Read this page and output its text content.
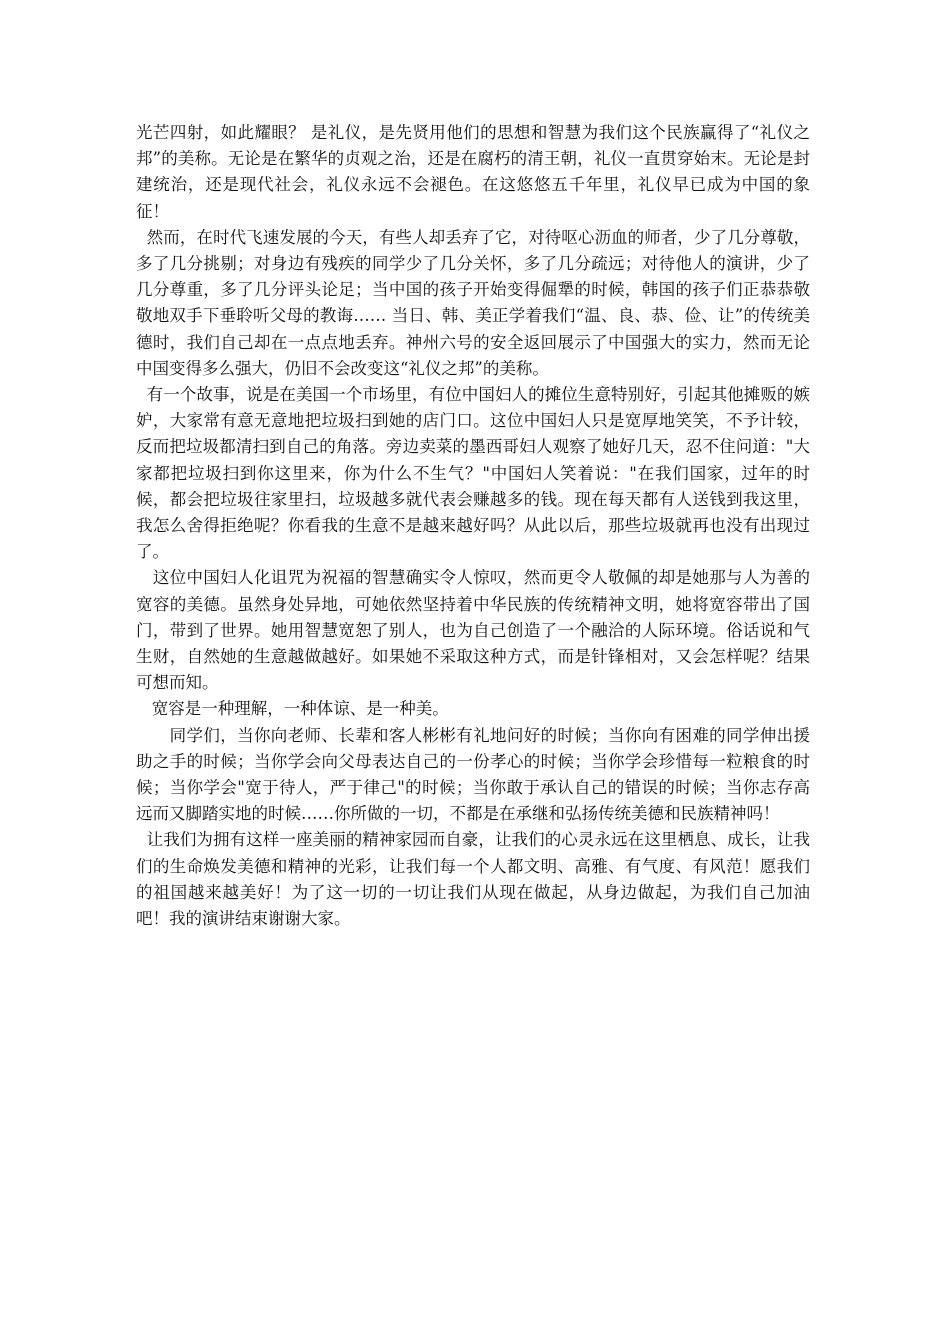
光芒四射，如此耀眼？ 是礼仪，是先贤用他们的思想和智慧为我们这个民族赢得了“礼仪之邦”的美称。无论是在繁华的贞观之治，还是在腐朽的清王朝，礼仪一直贯穿始末。无论是封建统治，还是现代社会，礼仪永远不会褪色。在这悠悠五千年里，礼仪早已成为中国的象征！

然而，在时代飞速发展的今天，有些人却丢弃了它，对待呕心沥血的师者，少了几分尊敬，多了几分挑剔；对身边有残疾的同学少了几分关怀，多了几分疏远；对待他人的演讲，少了几分尊重，多了几分评头论足；当中国的孩子开始变得倔犟的时候，韩国的孩子们正恭恭敬敬地双手下垂聆听父母的教诲…… 当日、韩、美正学着我们“温、良、恭、俭、让”的传统美德时，我们自己却在一点点地丢弃。神州六号的安全返回展示了中国强大的实力，然而无论中国变得多么强大，仍旧不会改变这“礼仪之邦”的美称。

有一个故事，说是在美国一个市场里，有位中国妇人的摊位生意特别好，引起其他摊贩的嫉妒，大家常有意无意地把垃圾扫到她的店门口。这位中国妇人只是宽厚地笑笑，不予计较，反而把垃圾都清扫到自己的角落。旁边卖菜的墨西哥妇人观察了她好几天，忍不住问道："大家都把垃圾扫到你这里来，你为什么不生气？"中国妇人笑着说："在我们国家，过年的时候，都会把垃圾往家里扫，垃圾越多就代表会赚越多的钱。现在每天都有人送钱到我这里，我怎么舍得拒绝呢？你看我的生意不是越来越好吗？从此以后，那些垃圾就再也没有出现过了。

这位中国妇人化诅咒为祝福的智慧确实令人惊叹，然而更令人敬佩的却是她那与人为善的宽容的美德。虽然身处异地，可她依然坚持着中华民族的传统精神文明，她将宽容带出了国门，带到了世界。她用智慧宽恕了别人，也为自己创造了一个融洽的人际环境。俗话说和气生财，自然她的生意越做越好。如果她不采取这种方式，而是针锋相对，又会怎样呢？结果可想而知。

宽容是一种理解，一种体谅、是一种美。

同学们，当你向老师、长辈和客人彬彬有礼地问好的时候；当你向有困难的同学伸出援助之手的时候；当你学会向父母表达自己的一份孝心的时候；当你学会珍惜每一粒粮食的时候；当你学会"宽于待人，严于律己"的时候；当你敢于承认自己的错误的时候；当你志存高远而又脚踏实地的时候……你所做的一切，不都是在承继和弘扬传统美德和民族精神吗！

让我们为拥有这样一座美丽的精神家园而自豪，让我们的心灵永远在这里栖息、成长，让我们的生命焕发美德和精神的光彩，让我们每一个人都文明、高雅、有气度、有风范！愿我们的祖国越来越美好！为了这一切的一切让我们从现在做起，从身边做起，为我们自己加油吧！我的演讲结束谢谢大家。
